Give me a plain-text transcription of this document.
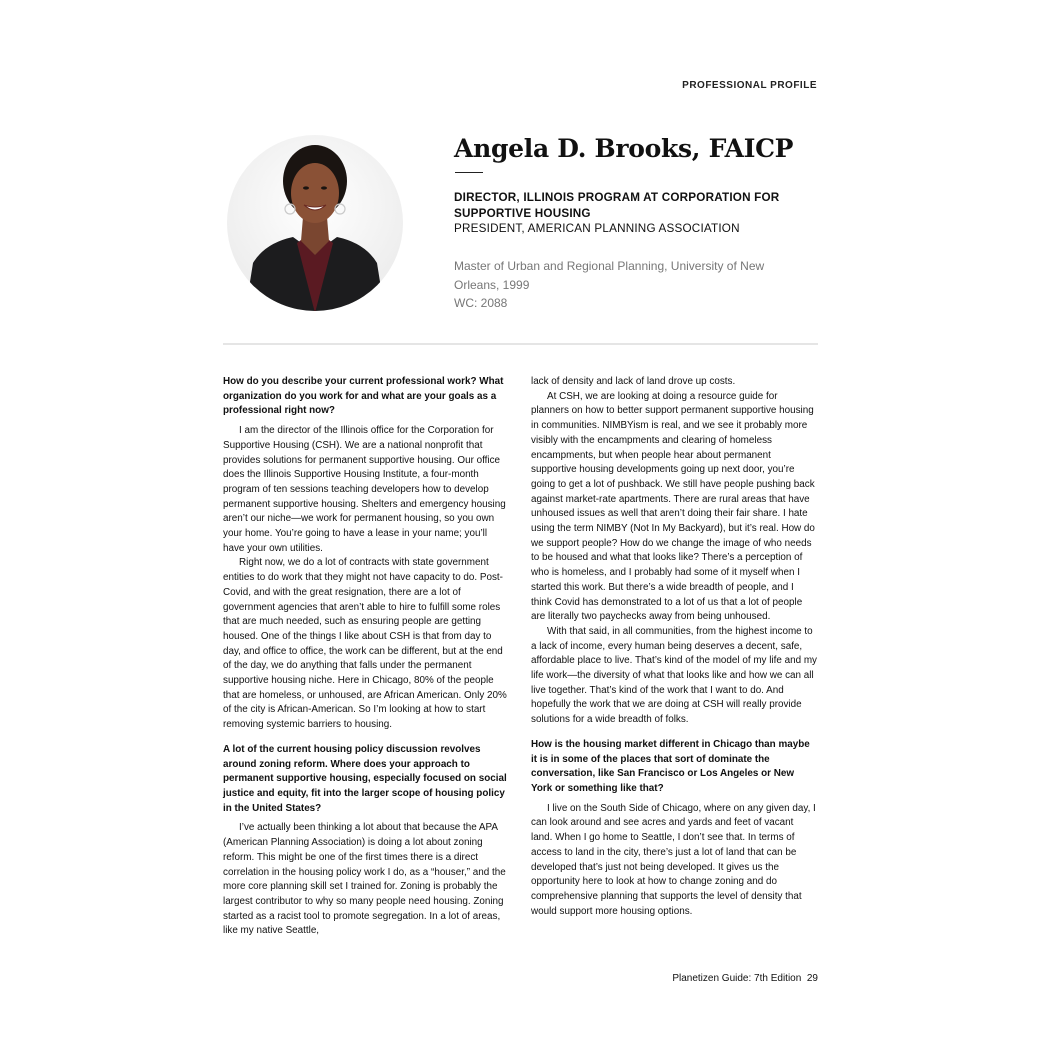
PROFESSIONAL PROFILE
Angela D. Brooks, FAICP
DIRECTOR, ILLINOIS PROGRAM AT CORPORATION FOR SUPPORTIVE HOUSING
PRESIDENT, AMERICAN PLANNING ASSOCIATION
Master of Urban and Regional Planning, University of New Orleans, 1999
WC: 2088

How do you describe your current professional work? What organization do you work for and what are your goals as a professional right now?

I am the director of the Illinois office for the Corporation for Supportive Housing (CSH). We are a national nonprofit that provides solutions for permanent supportive housing. Our office does the Illinois Supportive Housing Institute, a four-month program of ten sessions teaching developers how to develop permanent supportive housing. Shelters and emergency housing aren’t our niche—we work for permanent housing, so you own your home. You’re going to have a lease in your name; you’ll have your own utilities.

Right now, we do a lot of contracts with state government entities to do work that they might not have capacity to do. Post-Covid, and with the great resignation, there are a lot of government agencies that aren’t able to hire to fulfill some roles that are much needed, such as ensuring people are getting housed. One of the things I like about CSH is that from day to day, and office to office, the work can be different, but at the end of the day, we do anything that falls under the permanent supportive housing niche. Here in Chicago, 80% of the people that are homeless, or unhoused, are African American. Only 20% of the city is African-American. So I’m looking at how to start removing systemic barriers to housing.

A lot of the current housing policy discussion revolves around zoning reform. Where does your approach to permanent supportive housing, especially focused on social justice and equity, fit into the larger scope of housing policy in the United States?

I’ve actually been thinking a lot about that because the APA (American Planning Association) is doing a lot about zoning reform. This might be one of the first times there is a direct correlation in the housing policy work I do, as a “houser,” and the more core planning skill set I trained for. Zoning is probably the largest contributor to why so many people need housing. Zoning started as a racist tool to promote segregation. In a lot of areas, like my native Seattle,

lack of density and lack of land drove up costs.

At CSH, we are looking at doing a resource guide for planners on how to better support permanent supportive housing in communities. NIMBYism is real, and we see it probably more visibly with the encampments and clearing of homeless encampments, but when people hear about permanent supportive housing developments going up next door, you’re going to get a lot of pushback. We still have people pushing back against market-rate apartments. There are rural areas that have unhoused issues as well that aren’t doing their fair share. I hate using the term NIMBY (Not In My Backyard), but it’s real. How do we support people? How do we change the image of who needs to be housed and what that looks like? There’s a perception of who is homeless, and I probably had some of it myself when I started this work. But there’s a wide breadth of people, and I think Covid has demonstrated to a lot of us that a lot of people are literally two paychecks away from being unhoused.

With that said, in all communities, from the highest income to a lack of income, every human being deserves a decent, safe, affordable place to live. That’s kind of the model of my life and my life work—the diversity of what that looks like and how we can all live together. That’s kind of the work that I want to do. And hopefully the work that we are doing at CSH will really provide solutions for a wide breadth of folks.

How is the housing market different in Chicago than maybe it is in some of the places that sort of dominate the conversation, like San Francisco or Los Angeles or New York or something like that?

I live on the South Side of Chicago, where on any given day, I can look around and see acres and yards and feet of vacant land. When I go home to Seattle, I don’t see that. In terms of access to land in the city, there’s just a lot of land that can be developed that’s just not being developed. It gives us the opportunity here to look at how to change zoning and do comprehensive planning that supports the level of density that would support more housing options.

Planetizen Guide: 7th Edition 29
